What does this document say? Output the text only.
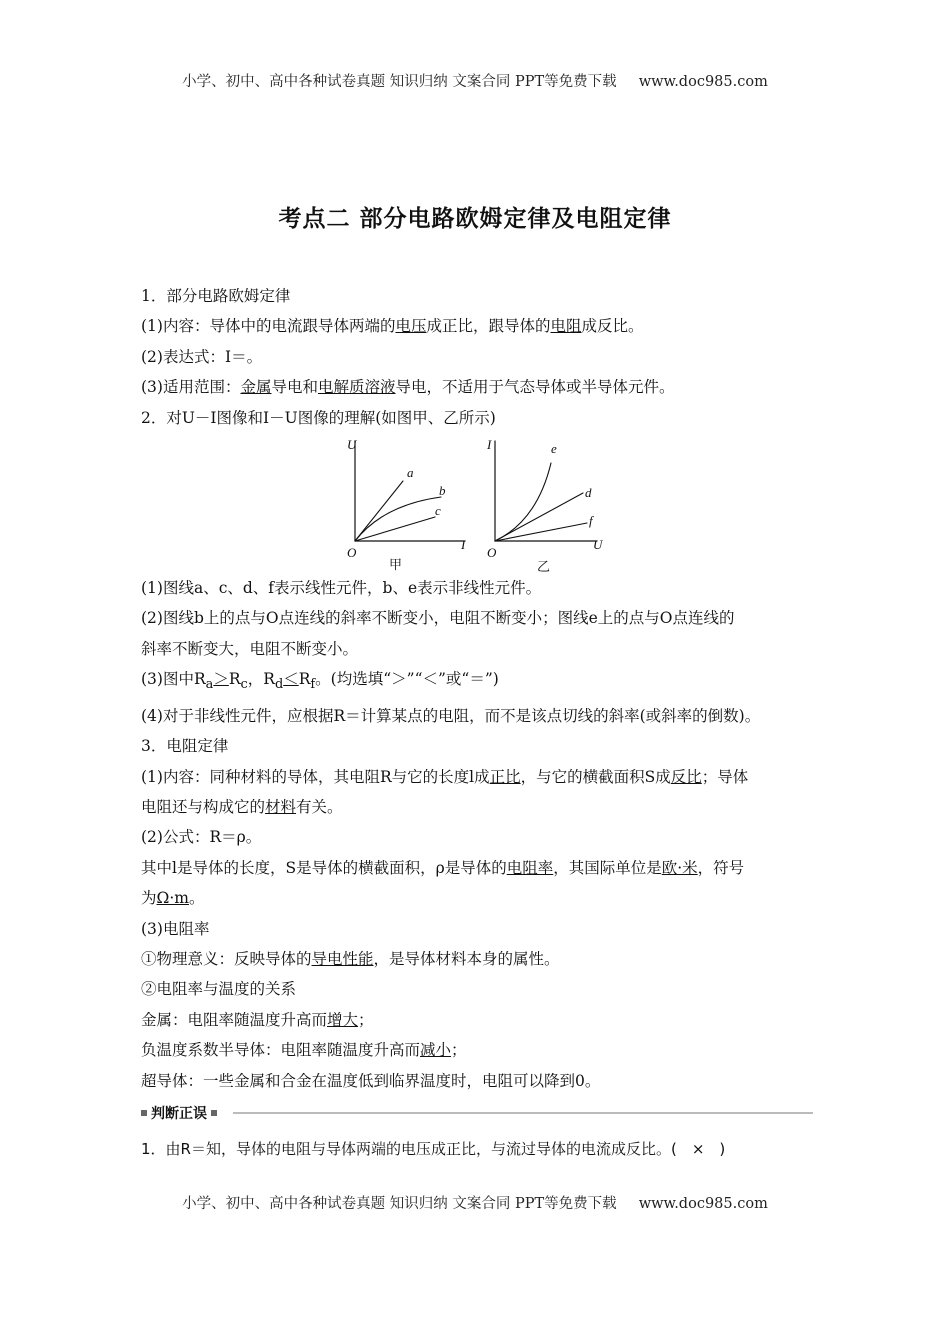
小学、初中、高中各种试卷真题 知识归纳 文案合同 PPT等免费下载 www.doc985.com
考点二 部分电路欧姆定律及电阻定律

1．部分电路欧姆定律

(1)内容：导体中的电流跟导体两端的电压成正比，跟导体的电阻成反比。

(2)表达式：I＝。

(3)适用范围：金属导电和电解质溶液导电，不适用于气态导体或半导体元件。

2．对U－I图像和I－U图像的理解(如图甲、乙所示)

U
I
O
a
b
c
甲
I
U
O
e
d
f
乙

(1)图线a、c、d、f表示线性元件，b、e表示非线性元件。

(2)图线b上的点与O点连线的斜率不断变小，电阻不断变小；图线e上的点与O点连线的

斜率不断变大，电阻不断变小。

(3)图中$R_a>R_c$，$R_d<R_f$。(均选填“＞”“＜”或“＝”)

(4)对于非线性元件，应根据R＝计算某点的电阻，而不是该点切线的斜率(或斜率的倒数)。

3．电阻定律

(1)内容：同种材料的导体，其电阻R与它的长度l成正比，与它的横截面积S成反比；导体

电阻还与构成它的材料有关。

(2)公式：R＝ρ。

其中l是导体的长度，S是导体的横截面积，ρ是导体的电阻率，其国际单位是欧·米，符号

为Ω·m。

(3)电阻率

①物理意义：反映导体的导电性能，是导体材料本身的属性。

②电阻率与温度的关系

金属：电阻率随温度升高而增大；

负温度系数半导体：电阻率随温度升高而减小；

超导体：一些金属和合金在温度低到临界温度时，电阻可以降到0。

判断正误
1．由R＝知，导体的电阻与导体两端的电压成正比，与流过导体的电流成反比。(　×　)
小学、初中、高中各种试卷真题 知识归纳 文案合同 PPT等免费下载 www.doc985.com
